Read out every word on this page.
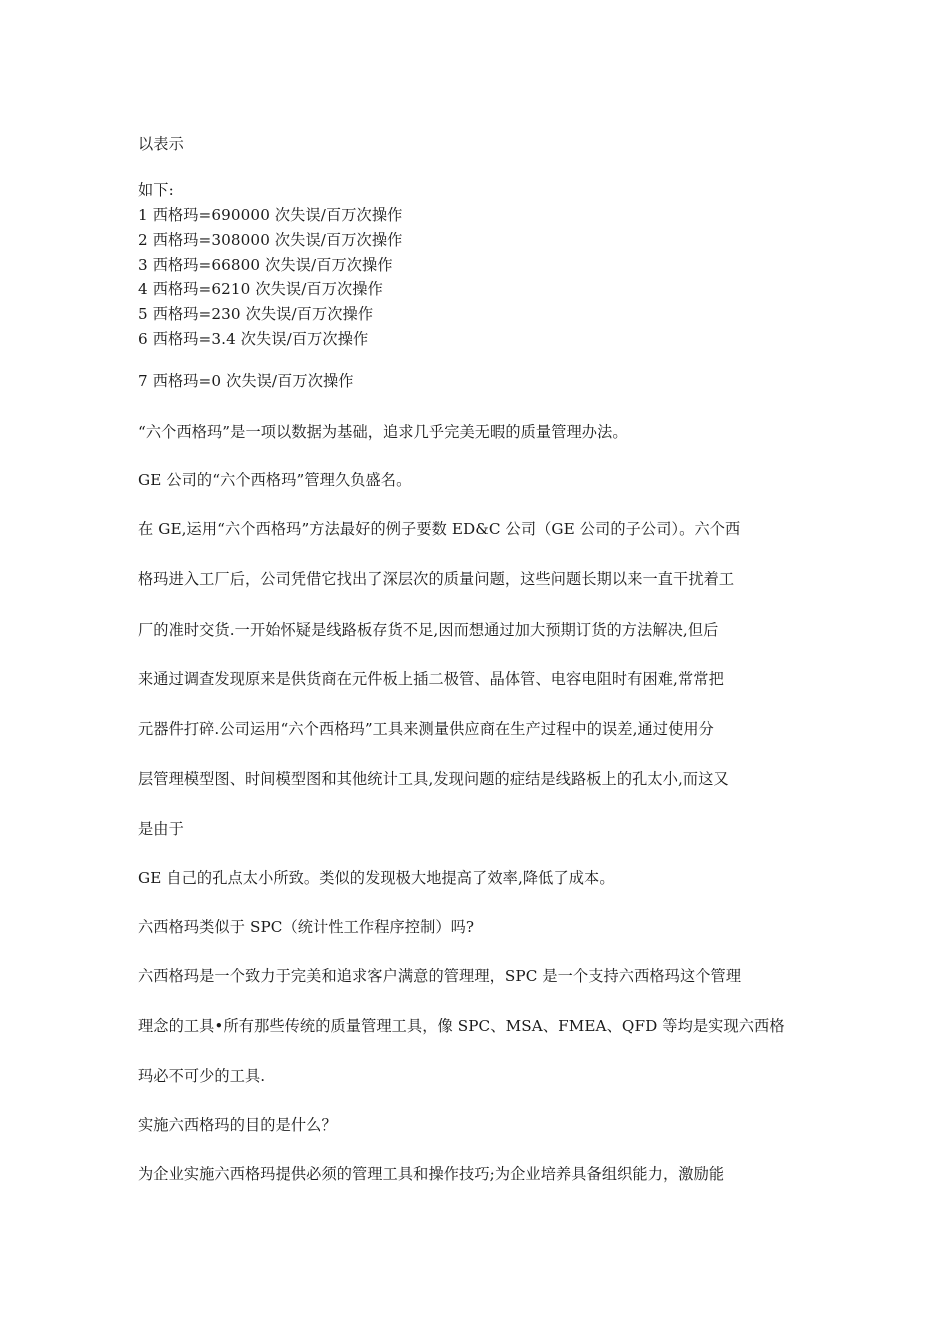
以表示
如下:
1 西格玛=690000 次失误/百万次操作
2 西格玛=308000 次失误/百万次操作
3 西格玛=66800 次失误/百万次操作
4 西格玛=6210 次失误/百万次操作
5 西格玛=230 次失误/百万次操作
6 西格玛=3.4 次失误/百万次操作
7 西格玛=0 次失误/百万次操作
“六个西格玛”是一项以数据为基础，追求几乎完美无暇的质量管理办法。
GE 公司的“六个西格玛”管理久负盛名。
在 GE,运用“六个西格玛”方法最好的例子要数 ED&C 公司（GE 公司的子公司）。六个西
格玛进入工厂后，公司凭借它找出了深层次的质量问题，这些问题长期以来一直干扰着工
厂的准时交货.一开始怀疑是线路板存货不足,因而想通过加大预期订货的方法解决,但后
来通过调查发现原来是供货商在元件板上插二极管、晶体管、电容电阻时有困难,常常把
元器件打碎.公司运用“六个西格玛”工具来测量供应商在生产过程中的误差,通过使用分
层管理模型图、时间模型图和其他统计工具,发现问题的症结是线路板上的孔太小,而这又
是由于
GE 自己的孔点太小所致。类似的发现极大地提高了效率,降低了成本。
六西格玛类似于 SPC（统计性工作程序控制）吗?
六西格玛是一个致力于完美和追求客户满意的管理理，SPC 是一个支持六西格玛这个管理
理念的工具•所有那些传统的质量管理工具，像 SPC、MSA、FMEA、QFD 等均是实现六西格
玛必不可少的工具.
实施六西格玛的目的是什么？
为企业实施六西格玛提供必须的管理工具和操作技巧;为企业培养具备组织能力，激励能
